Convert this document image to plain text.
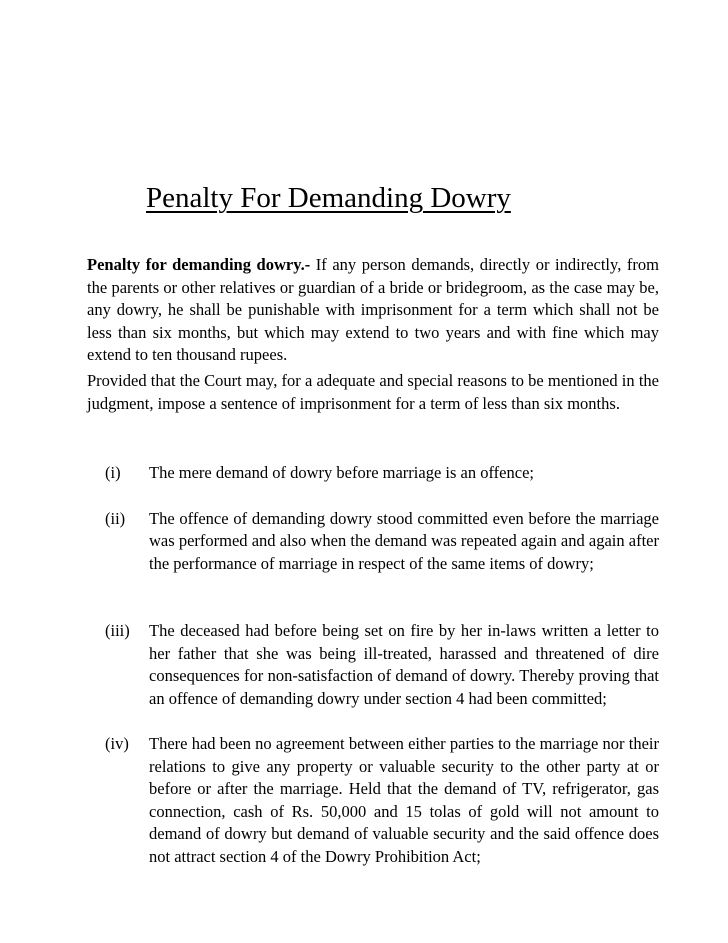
Penalty For Demanding Dowry

Penalty for demanding dowry.- If any person demands, directly or indirectly, from the parents or other relatives or guardian of a bride or bridegroom, as the case may be, any dowry, he shall be punishable with imprisonment for a term which shall not be less than six months, but which may extend to two years and with fine which may extend to ten thousand rupees.

Provided that the Court may, for a adequate and special reasons to be mentioned in the judgment, impose a sentence of imprisonment for a term of less than six months.

(i) The mere demand of dowry before marriage is an offence;
(ii) The offence of demanding dowry stood committed even before the marriage was performed and also when the demand was repeated again and again after the performance of marriage in respect of the same items of dowry;
(iii) The deceased had before being set on fire by her in-laws written a letter to her father that she was being ill-treated, harassed and threatened of dire consequences for non-satisfaction of demand of dowry. Thereby proving that an offence of demanding dowry under section 4 had been committed;
(iv) There had been no agreement between either parties to the marriage nor their relations to give any property or valuable security to the other party at or before or after the marriage. Held that the demand of TV, refrigerator, gas connection, cash of Rs. 50,000 and 15 tolas of gold will not amount to demand of dowry but demand of valuable security and the said offence does not attract section 4 of the Dowry Prohibition Act;
